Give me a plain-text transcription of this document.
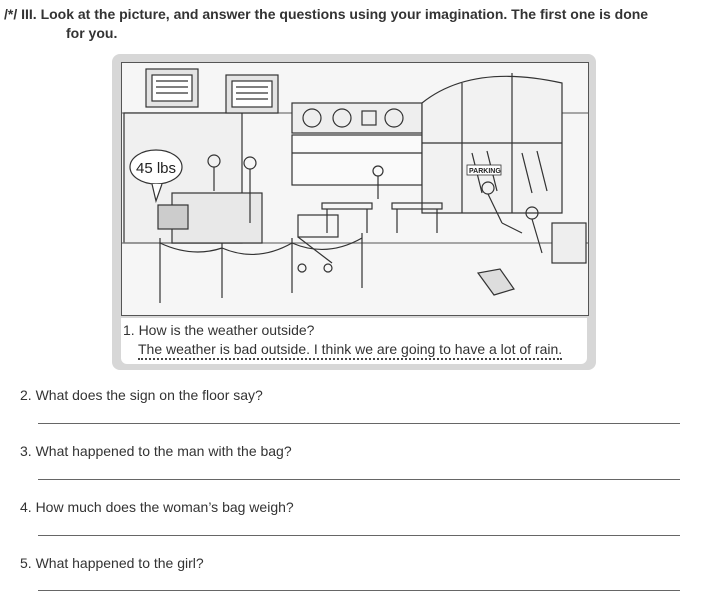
/*/ III. Look at the picture, and answer the questions using your imagination. The first one is done
for you.
45 lbs	PARKING
1. How is the weather outside?
The weather is bad outside. I think we are going to have a lot of rain.
2. What does the sign on the floor say?
3. What happened to the man with the bag?
4. How much does the woman’s bag weigh?
5. What happened to the girl?
